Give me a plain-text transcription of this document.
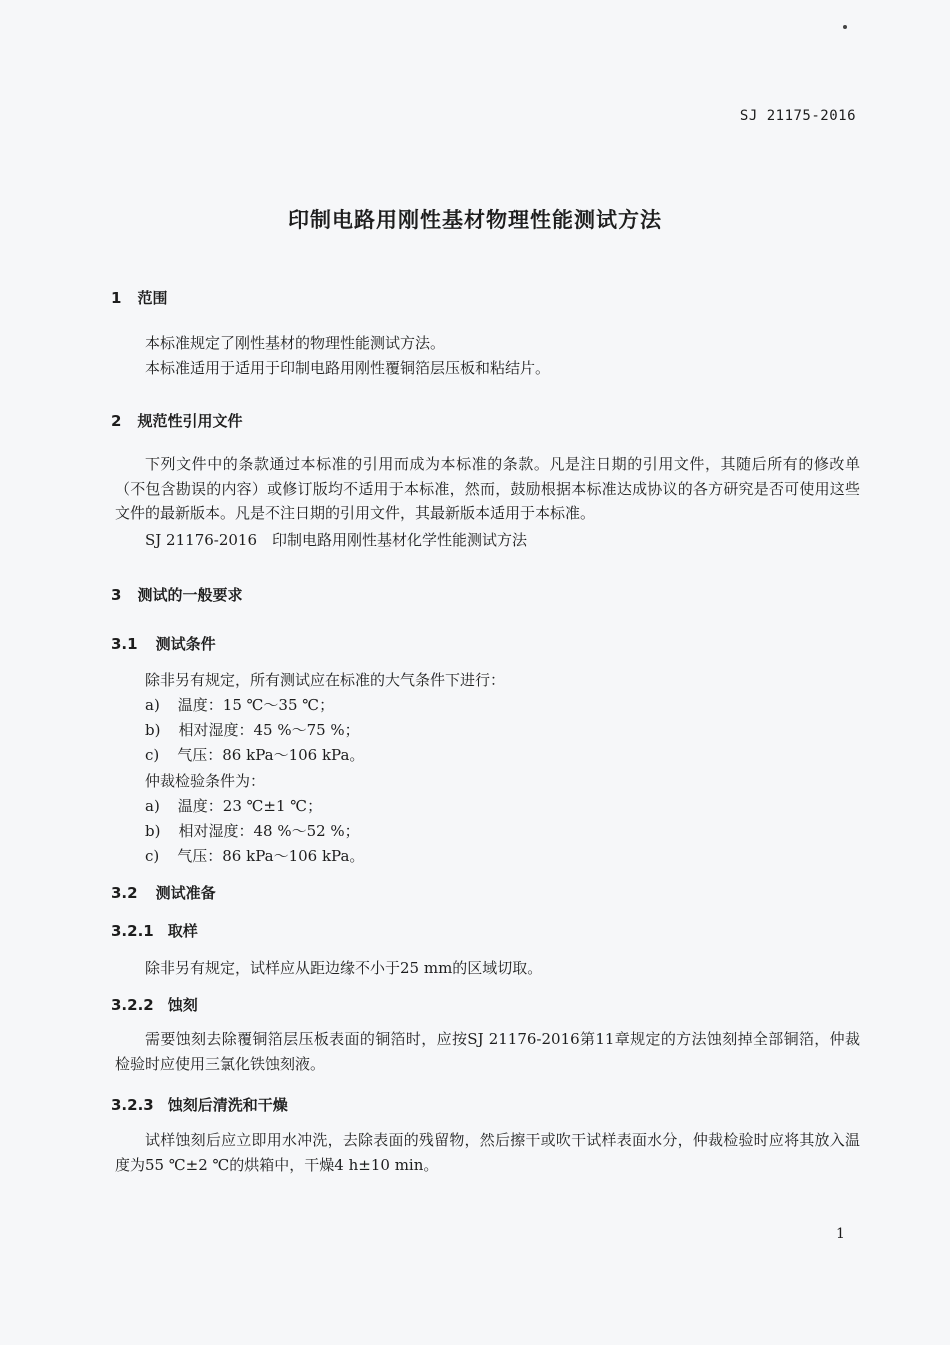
SJ 21175-2016
印制电路用刚性基材物理性能测试方法
1 范围
本标准规定了刚性基材的物理性能测试方法。
本标准适用于适用于印制电路用刚性覆铜箔层压板和粘结片。
2 规范性引用文件
下列文件中的条款通过本标准的引用而成为本标准的条款。凡是注日期的引用文件，其随后所有的修改单（不包含勘误的内容）或修订版均不适用于本标准，然而，鼓励根据本标准达成协议的各方研究是否可使用这些文件的最新版本。凡是不注日期的引用文件，其最新版本适用于本标准。
SJ 21176-2016　印制电路用刚性基材化学性能测试方法
3 测试的一般要求
3.1 测试条件
除非另有规定，所有测试应在标准的大气条件下进行：
a) 温度：15 ℃～35 ℃；
b) 相对湿度：45 %～75 %；
c) 气压：86 kPa～106 kPa。
仲裁检验条件为：
a) 温度：23 ℃±1 ℃；
b) 相对湿度：48 %～52 %；
c) 气压：86 kPa～106 kPa。
3.2 测试准备
3.2.1 取样
除非另有规定，试样应从距边缘不小于25 mm的区域切取。
3.2.2 蚀刻
需要蚀刻去除覆铜箔层压板表面的铜箔时，应按SJ 21176-2016第11章规定的方法蚀刻掉全部铜箔，仲裁检验时应使用三氯化铁蚀刻液。
3.2.3 蚀刻后清洗和干燥
试样蚀刻后应立即用水冲洗，去除表面的残留物，然后擦干或吹干试样表面水分，仲裁检验时应将其放入温度为55 ℃±2 ℃的烘箱中，干燥4 h±10 min。
1
